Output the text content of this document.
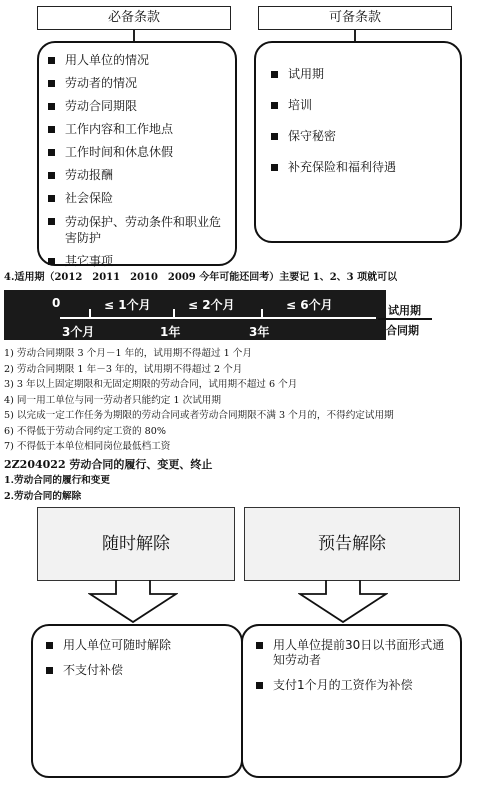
必备条款	可备条款
用人单位的情况
劳动者的情况
劳动合同期限
工作内容和工作地点
工作时间和休息休假
劳动报酬
社会保险
劳动保护、劳动条件和职业危害防护
其它事项
试用期
培训
保守秘密
补充保险和福利待遇
4.适用期（2012　2011　2010　2009 今年可能还回考）主要记 1、2、3 项就可以
0	≤ 1个月	≤ 2个月	≤ 6个月
3个月	1年	3年
试用期
合同期
1) 劳动合同期限 3 个月－1 年的，试用期不得超过 1 个月
2) 劳动合同期限 1 年－3 年的，试用期不得超过 2 个月
3) 3 年以上固定期限和无固定期限的劳动合同，试用期不超过 6 个月
4) 同一用工单位与同一劳动者只能约定 1 次试用期
5) 以完成一定工作任务为期限的劳动合同或者劳动合同期限不满 3 个月的，不得约定试用期
6) 不得低于劳动合同约定工资的 80%
7) 不得低于本单位相同岗位最低档工资
2Z204022 劳动合同的履行、变更、终止
1.劳动合同的履行和变更
2.劳动合同的解除
随时解除	预告解除
用人单位可随时解除
不支付补偿
用人单位提前30日以书面形式通知劳动者
支付1个月的工资作为补偿
